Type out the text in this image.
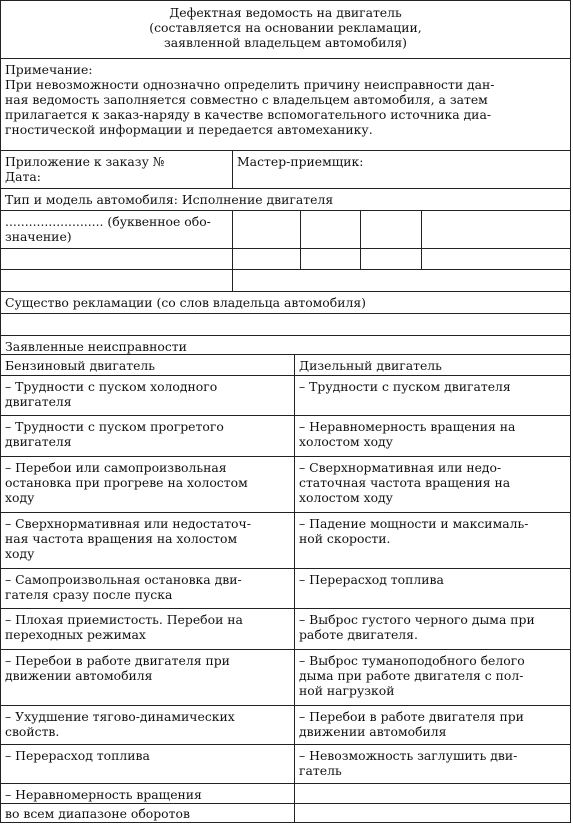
Дефектная ведомость на двигатель
(составляется на основании рекламации,
заявленной владельцем автомобиля)
Примечание:
При невозможности однозначно определить причину неисправности дан-
ная ведомость заполняется совместно с владельцем автомобиля, а затем
прилагается к заказ-наряду в качестве вспомогательного источника диа-
гностической информации и передается автомеханику.
Приложение к заказу №
Дата:
Мастер-приемщик:
Тип и модель автомобиля: Исполнение двигателя
......................... (буквенное обо-
значение)
Существо рекламации (со слов владельца автомобиля)
Заявленные неисправности
Бензиновый двигатель	Дизельный двигатель
– Трудности с пуском холодного
двигателя
– Трудности с пуском двигателя
– Трудности с пуском прогретого
двигателя
– Неравномерность вращения на
холостом ходу
– Перебои или самопроизвольная
остановка при прогреве на холостом
ходу
– Сверхнормативная или недо-
статочная частота вращения на
холостом ходу
– Сверхнормативная или недостаточ-
ная частота вращения на холостом
ходу
– Падение мощности и максималь-
ной скорости.
– Самопроизвольная остановка дви-
гателя сразу после пуска
– Перерасход топлива
– Плохая приемистость. Перебои на
переходных режимах
– Выброс густого черного дыма при
работе двигателя.
– Перебои в работе двигателя при
движении автомобиля
– Выброс туманоподобного белого
дыма при работе двигателя с пол-
ной нагрузкой
– Ухудшение тягово-динамических
свойств.
– Перебои в работе двигателя при
движении автомобиля
– Перерасход топлива	– Невозможность заглушить дви-
гатель
– Неравномерность вращения
во всем диапазоне оборотов
